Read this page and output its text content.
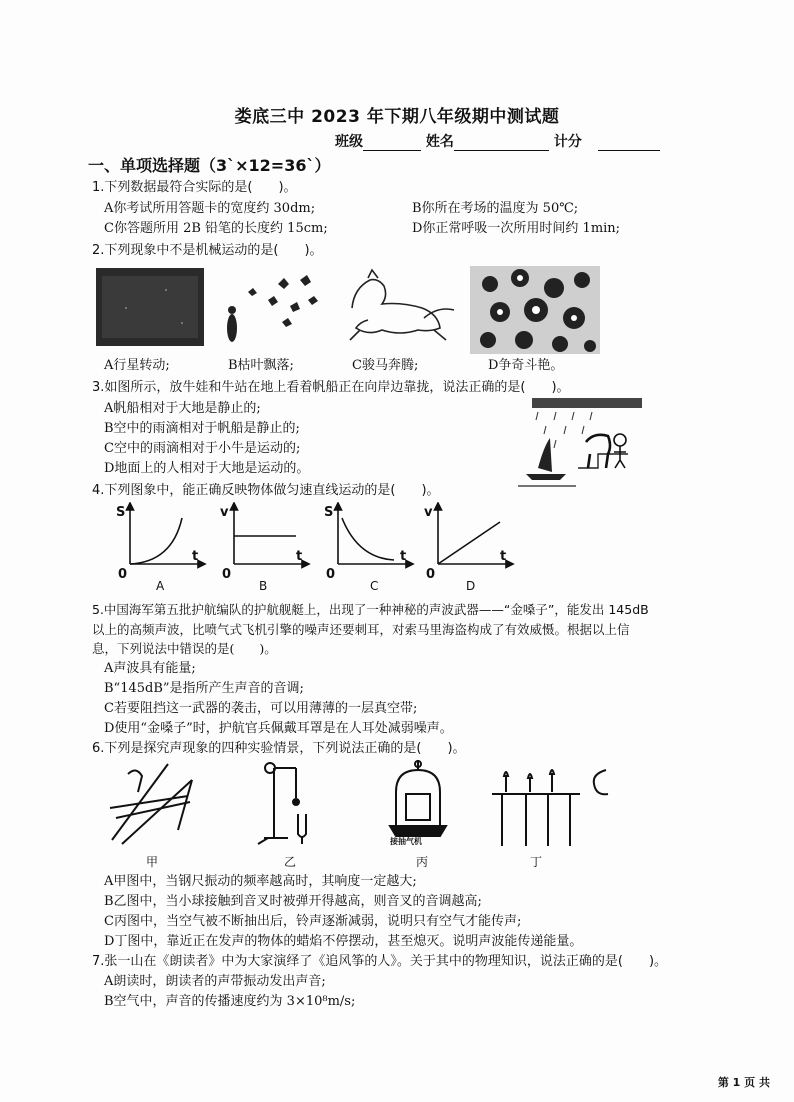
娄底三中 2023 年下期八年级期中测试题
班级	姓名	计分
一、单项选择题（3`×12=36`）
1.下列数据最符合实际的是(　　)。
A你考试所用答题卡的宽度约 30dm;	B你所在考场的温度为 50℃;
C你答题所用 2B 铅笔的长度约 15cm;	D你正常呼吸一次所用时间约 1min;
2.下列现象中不是机械运动的是(　　)。
A行星转动;	B枯叶飘落;	C骏马奔腾;	D争奇斗艳。
3.如图所示，放牛娃和牛站在地上看着帆船正在向岸边靠拢，说法正确的是(　　)。
A帆船相对于大地是静止的;
B空中的雨滴相对于帆船是静止的;
C空中的雨滴相对于小牛是运动的;
D地面上的人相对于大地是运动的。
4.下列图象中，能正确反映物体做匀速直线运动的是(　　)。
S
t
0
v
t
0
S
t
0
v
t
0
A	B	C	D
5.中国海军第五批护航编队的护航舰艇上，出现了一种神秘的声波武器——“金嗓子”，能发出 145dB
以上的高频声波，比喷气式飞机引擎的噪声还要刺耳，对索马里海盗构成了有效威慑。根据以上信
息，下列说法中错误的是(　　)。
A声波具有能量;
B“145dB”是指所产生声音的音调;
C若要阻挡这一武器的袭击，可以用薄薄的一层真空带;
D使用“金嗓子”时，护航官兵佩戴耳罩是在人耳处减弱噪声。
6.下列是探究声现象的四种实验情景，下列说法正确的是(　　)。
接抽气机
甲	乙	丙	丁
A甲图中，当钢尺振动的频率越高时，其响度一定越大;
B乙图中，当小球接触到音叉时被弹开得越高，则音叉的音调越高;
C丙图中，当空气被不断抽出后，铃声逐渐减弱，说明只有空气才能传声;
D丁图中，靠近正在发声的物体的蜡焰不停摆动，甚至熄灭。说明声波能传递能量。
7.张一山在《朗读者》中为大家演绎了《追风筝的人》。关于其中的物理知识，说法正确的是(　　)。
A朗读时，朗读者的声带振动发出声音;
B空气中，声音的传播速度约为 3×10⁸m/s;
第 1 页 共
